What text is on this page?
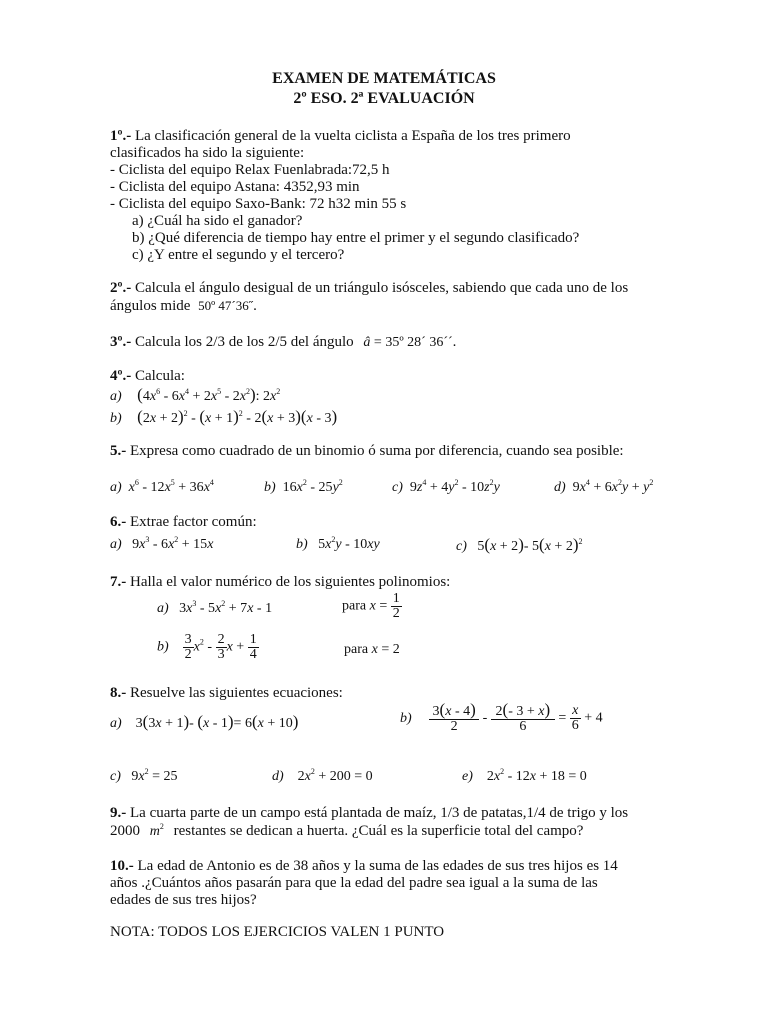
EXAMEN DE MATEMÁTICAS
2º ESO. 2ª EVALUACIÓN
1º.- La clasificación general de la vuelta ciclista a España de los tres primero
clasificados ha sido la siguiente:
- Ciclista del equipo Relax Fuenlabrada:72,5 h
- Ciclista del equipo Astana: 4352,93 min
- Ciclista del equipo Saxo-Bank: 72 h32 min 55 s
a) ¿Cuál ha sido el ganador?
b) ¿Qué diferencia de tiempo hay entre el primer y el segundo clasificado?
c) ¿Y entre el segundo y el tercero?
2º.- Calcula el ángulo desigual de un triángulo isósceles, sabiendo que cada uno de los
ángulos mide 50º 47´36˝.
3º.- Calcula los 2/3 de los 2/5 del ángulo â = 35º 28´ 36´´.
4º.- Calcula:
a) $(4x^6 - 6x^4 + 2x^5 - 2x^2)$: $2x^2$
b) $(2x + 2)^2 - (x + 1)^2 - 2(x + 3)(x - 3)$
5.- Expresa como cuadrado de un binomio ó suma por diferencia, cuando sea posible:
a) $x^6 - 12x^5 + 36x^4$	b)  $16x^2 - 25y^2$	c)  $9z^4 + 4y^2 - 10z^2y$	d)  $9x^4 + 6x^2y + y^2$
6.- Extrae factor común:
a)   $9x^3 - 6x^2 + 15x$	b)   $5x^2y - 10xy$	c)   5(x + 2)- $5(x + 2)^2$
7.- Halla el valor numérico de los siguientes polinomios:
a)   $3x^3 - 5x^2 + 7x - 1$	para $x = \frac{1}{2}$
$b) \frac{3}{2} x^2 - \frac{2}{3}$ $x + \frac{1}{4}$	para x = 2
8.- Resuelve las siguientes ecuaciones:
a)    3(3x + 1)- (x - 1)= 6(x + 10)	$b) \frac{3(x - 4)}{2} - \frac{2(- 3 + x)}{6} = \frac{x}{6} + 4$
c)   $9x^2 = 25$	d)    $2x^2 + 200 = 0$	e)    $2x^2 - 12x + 18 = 0$
9.- La cuarta parte de un campo está plantada de maíz, 1/3 de patatas,1/4 de trigo y los
2000 $m^2$ restantes se dedican a huerta. ¿Cuál es la superficie total del campo?
10.- La edad de Antonio es de 38 años y la suma de las edades de sus tres hijos es 14
años .¿Cuántos años pasarán para que la edad del padre sea igual a la suma de las
edades de sus tres hijos?
NOTA: TODOS LOS EJERCICIOS VALEN 1 PUNTO
